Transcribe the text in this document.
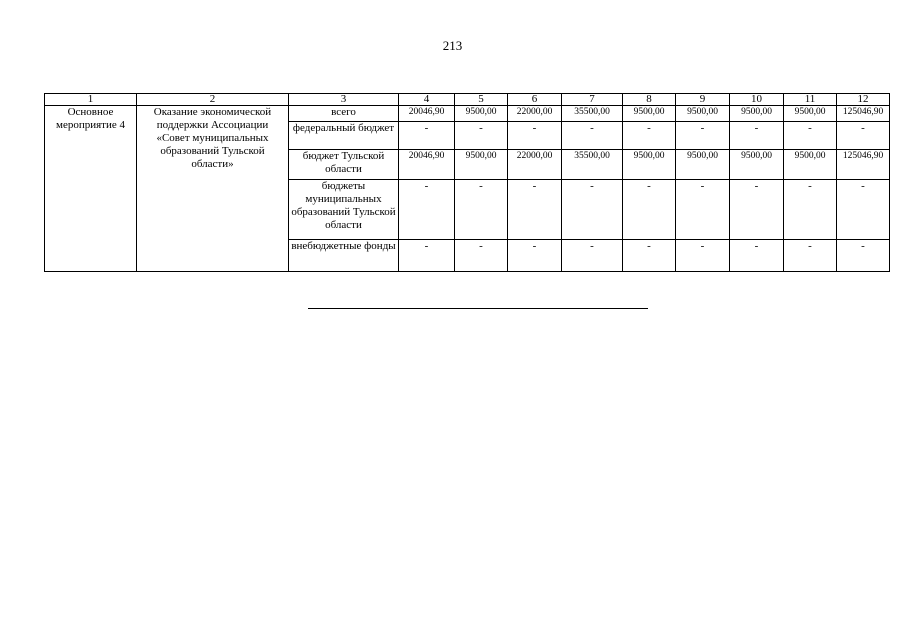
213
1	2	3	4	5	6	7	8	9	10	11	12
Основное мероприятие 4	Оказание экономической поддержки Ассоциации «Совет муниципальных образований Тульской области»	всего	20046,90	9500,00	22000,00	35500,00	9500,00	9500,00	9500,00	9500,00	125046,90
		федеральный бюджет	-	-	-	-	-	-	-	-	-
		бюджет Тульской области	20046,90	9500,00	22000,00	35500,00	9500,00	9500,00	9500,00	9500,00	125046,90
		бюджеты муниципальных образований Тульской области	-	-	-	-	-	-	-	-	-
		внебюджетные фонды	-	-	-	-	-	-	-	-	-
